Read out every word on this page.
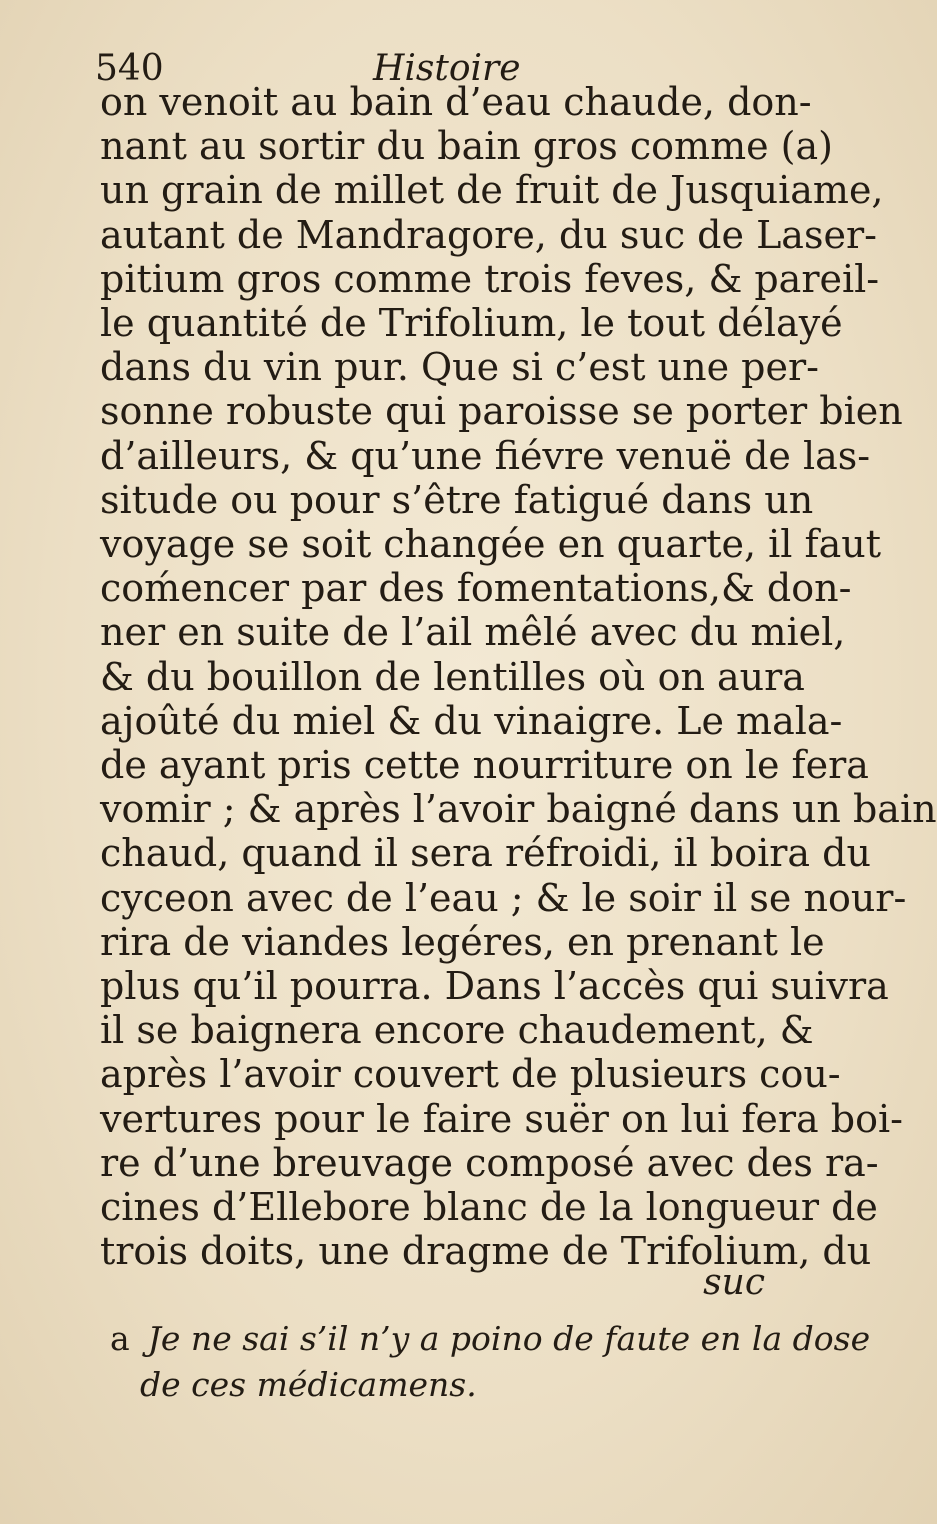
540	Histoire
on venoit au bain d’eau chaude, don-
nant au sortir du bain gros comme (a)
un grain de millet de fruit de Jusquiame,
autant de Mandragore, du suc de Laser-
pitium gros comme trois feves, & pareil-
le quantité de Trifolium, le tout délayé
dans du vin pur. Que si c’est une per-
sonne robuste qui paroisse se porter bien
d’ailleurs, & qu’une fiévre venuë de las-
situde ou pour s’être fatigué dans un
voyage se soit changée en quarte, il faut
coḿencer par des fomentations,& don-
ner en suite de l’ail mêlé avec du miel,
& du bouillon de lentilles où on aura
ajoûté du miel & du vinaigre. Le mala-
de ayant pris cette nourriture on le fera
vomir ; & après l’avoir baigné dans un bain
chaud, quand il sera réfroidi, il boira du
cyceon avec de l’eau ; & le soir il se nour-
rira de viandes legéres, en prenant le
plus qu’il pourra. Dans l’accès qui suivra
il se baignera encore chaudement, &
après l’avoir couvert de plusieurs cou-
vertures pour le faire suër on lui fera boi-
re d’une breuvage composé avec des ra-
cines d’Ellebore blanc de la longueur de
trois doits, une dragme de Trifolium, du
suc
a Je ne sai s’il n’y a poino de faute en la dose
de ces médicamens.
